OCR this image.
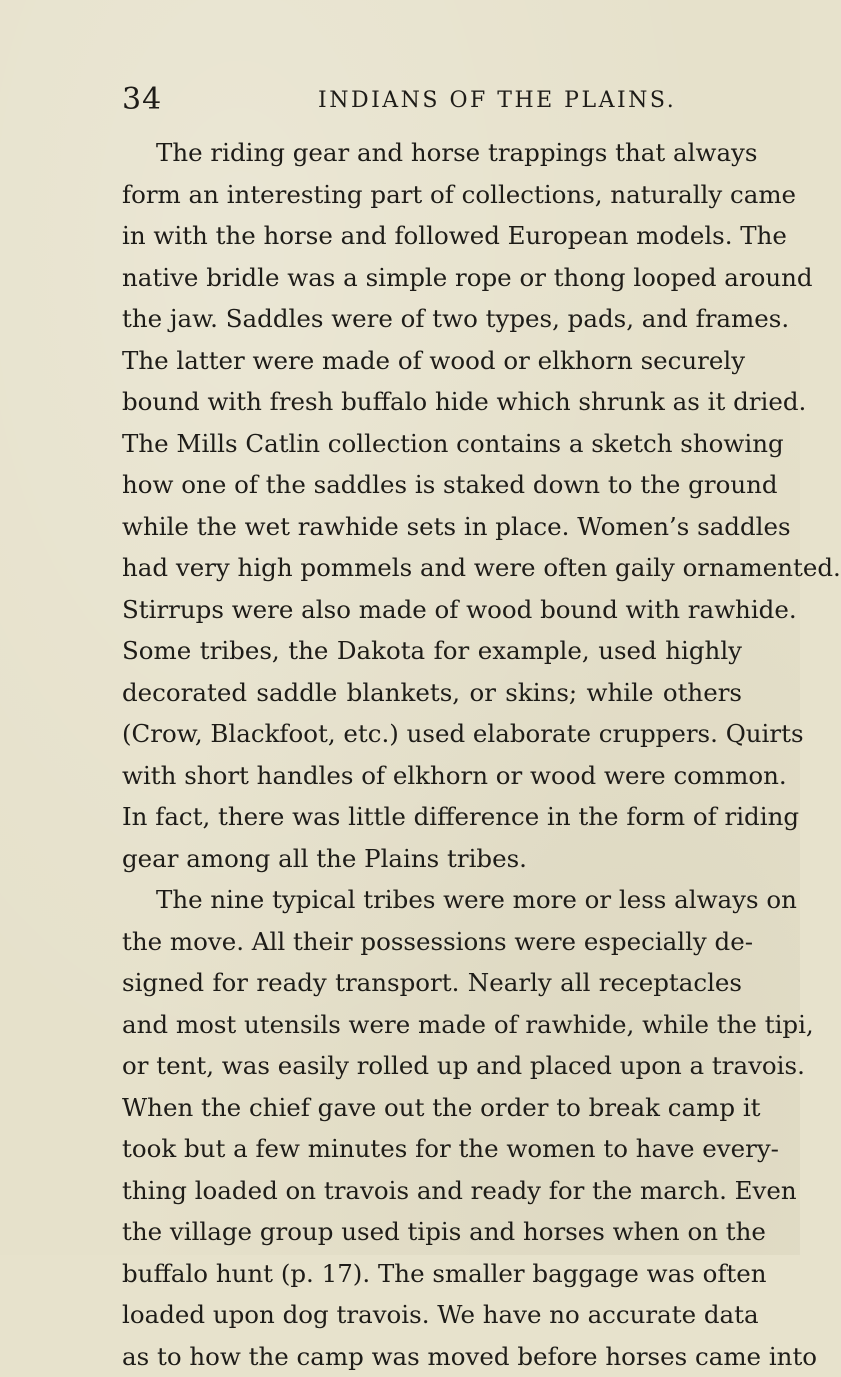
34	INDIANS OF THE PLAINS.
The riding gear and horse trappings that always
form an interesting part of collections, naturally came
in with the horse and followed European models. The
native bridle was a simple rope or thong looped around
the jaw. Saddles were of two types, pads, and frames.
The latter were made of wood or elkhorn securely
bound with fresh buffalo hide which shrunk as it dried.
The Mills Catlin collection contains a sketch showing
how one of the saddles is staked down to the ground
while the wet rawhide sets in place. Women’s saddles
had very high pommels and were often gaily ornamented.
Stirrups were also made of wood bound with rawhide.
Some tribes, the Dakota for example, used highly
decorated saddle blankets, or skins; while others
(Crow, Blackfoot, etc.) used elaborate cruppers. Quirts
with short handles of elkhorn or wood were common.
In fact, there was little difference in the form of riding
gear among all the Plains tribes.
The nine typical tribes were more or less always on
the move. All their possessions were especially de-
signed for ready transport. Nearly all receptacles
and most utensils were made of rawhide, while the tipi,
or tent, was easily rolled up and placed upon a travois.
When the chief gave out the order to break camp it
took but a few minutes for the women to have every-
thing loaded on travois and ready for the march. Even
the village group used tipis and horses when on the
buffalo hunt (p. 17). The smaller baggage was often
loaded upon dog travois. We have no accurate data
as to how the camp was moved before horses came into
